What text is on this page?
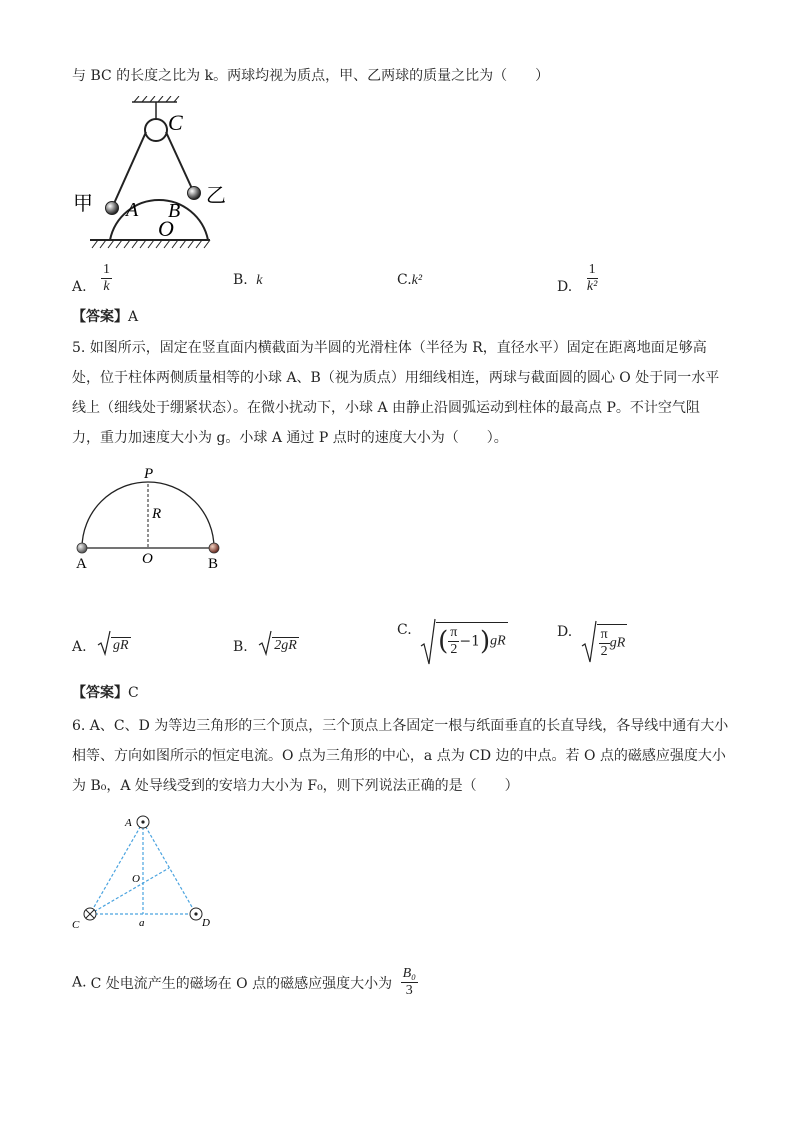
与 BC 的长度之比为 k。两球均视为质点，甲、乙两球的质量之比为（　　）
甲	乙
A B
C
O
A. $\frac{1}{k}$	B. k	C.k²	D. $\frac{1}{\text{k²}}$
【答案】A
5. 如图所示，固定在竖直面内横截面为半圆的光滑柱体（半径为 R，直径水平）固定在距离地面足够高
处，位于柱体两侧质量相等的小球 A、B（视为质点）用细线相连，两球与截面圆的圆心 O 处于同一水平
线上（细线处于绷紧状态）。在微小扰动下，小球 A 由静止沿圆弧运动到柱体的最高点 P。不计空气阻
力，重力加速度大小为 g。小球 A 通过 P 点时的速度大小为（　　）。
P
R
O
A	B
A. gR	B. 2gR
C. ( $\frac{\pi}{2} -1)gR$
D. $\frac{\pi}{2}$ gR
【答案】C
6. A、C、D 为等边三角形的三个顶点，三个顶点上各固定一根与纸面垂直的长直导线，各导线中通有大小
相等、方向如图所示的恒定电流。O 点为三角形的中心，a 点为 CD 边的中点。若 O 点的磁感应强度大小
为 B₀，A 处导线受到的安培力大小为 F₀，则下列说法正确的是（　　）
A
C	D
O
a
A. C 处电流产生的磁场在 O 点的磁感应强度大小为 $\frac{\text{B₀}}{3}$
